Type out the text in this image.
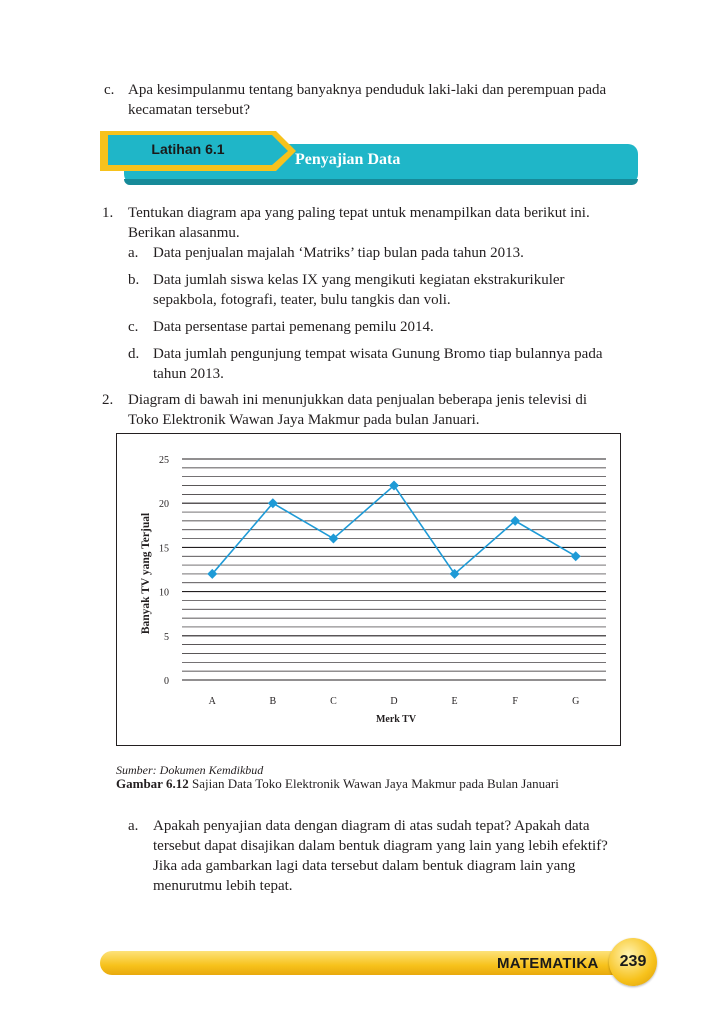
c. Apa kesimpulanmu tentang banyaknya penduduk laki-laki dan perempuan pada
kecamatan tersebut?
Latihan 6.1
Penyajian Data
1. Tentukan diagram apa yang paling tepat untuk menampilkan data berikut ini.
Berikan alasanmu.
a. Data penjualan majalah ‘Matriks’ tiap bulan pada tahun 2013.
b. Data jumlah siswa kelas IX yang mengikuti kegiatan ekstrakurikuler
sepakbola, fotografi, teater, bulu tangkis dan voli.
c. Data persentase partai pemenang pemilu 2014.
d. Data jumlah pengunjung tempat wisata Gunung Bromo tiap bulannya pada
tahun 2013.
2. Diagram di bawah ini menunjukkan data penjualan beberapa jenis televisi di
Toko Elektronik Wawan Jaya Makmur pada bulan Januari.
0
5
10
15
20
25
A	B	C	D	E	F	G
Merk TV
Banyak TV yang Terjual
Sumber: Dokumen Kemdikbud
Gambar 6.12 Sajian Data Toko Elektronik Wawan Jaya Makmur pada Bulan Januari
a. Apakah penyajian data dengan diagram di atas sudah tepat? Apakah data
tersebut dapat disajikan dalam bentuk diagram yang lain yang lebih efektif?
Jika ada gambarkan lagi data tersebut dalam bentuk diagram lain yang
menurutmu lebih tepat.
MATEMATIKA	239
